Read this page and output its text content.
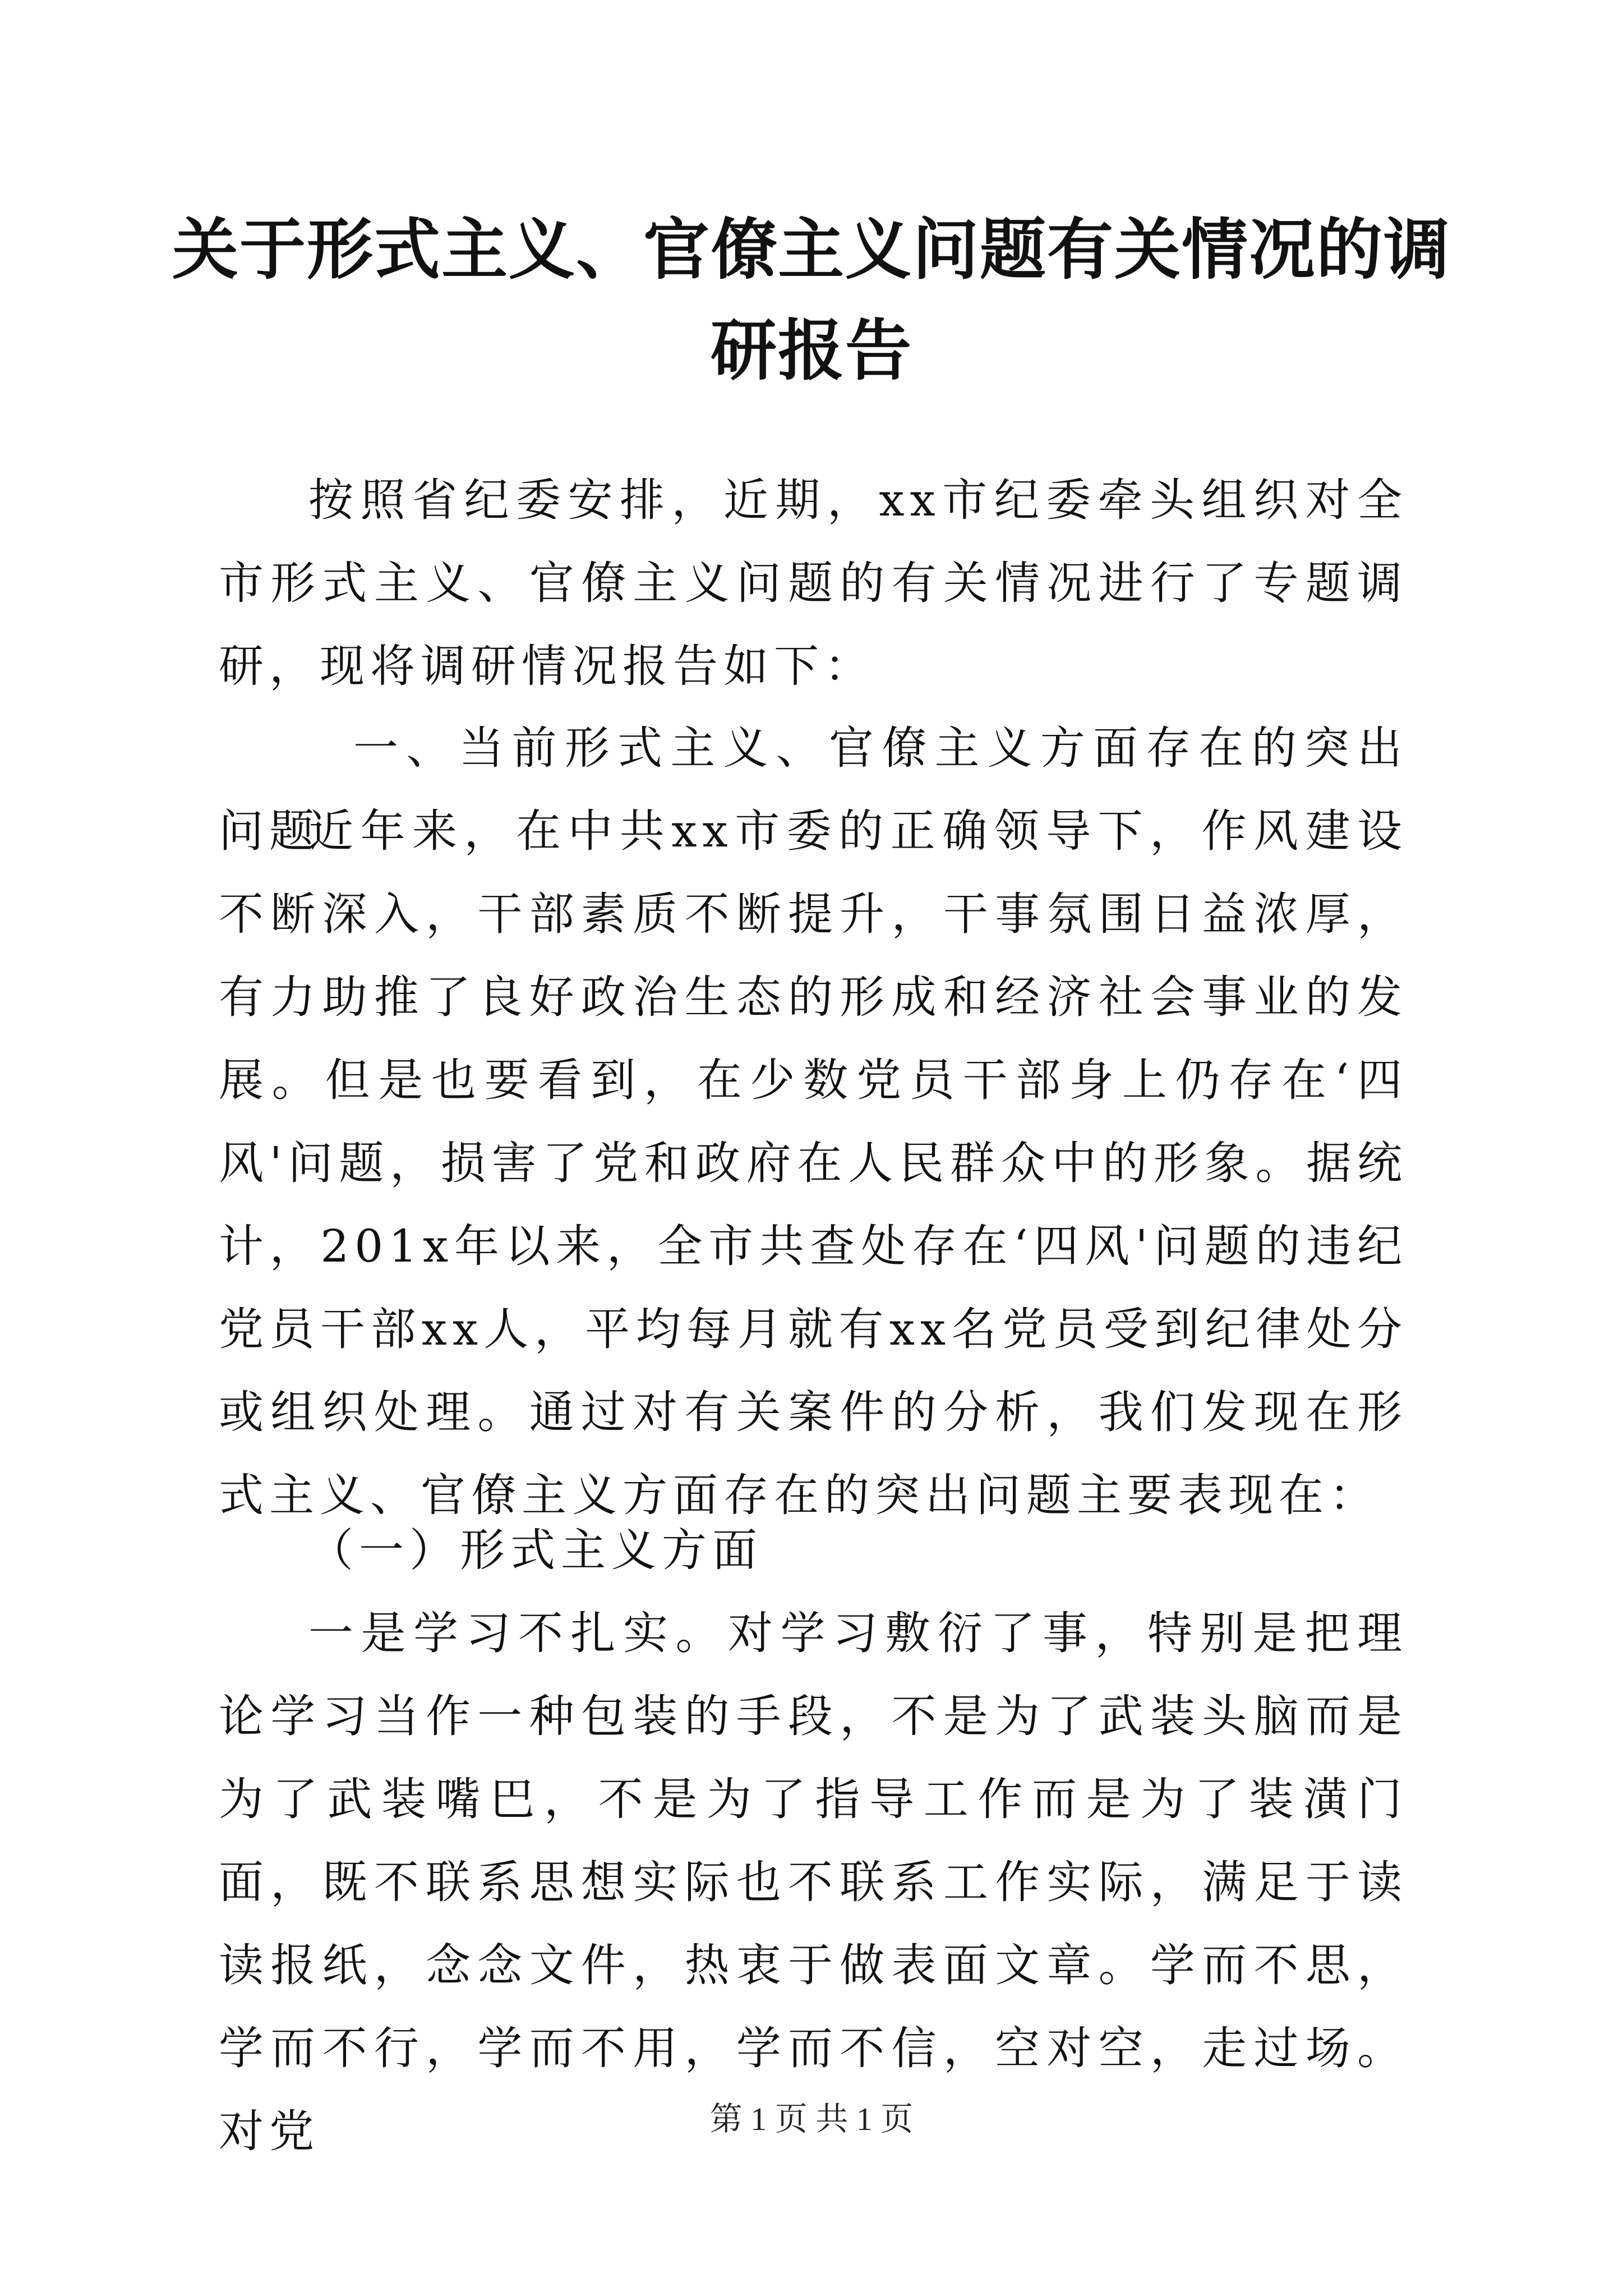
关于形式主义、官僚主义问题有关情况的调研报告

按照省纪委安排，近期，xx市纪委牵头组织对全市形式主义、官僚主义问题的有关情况进行了专题调研，现将调研情况报告如下：

一、当前形式主义、官僚主义方面存在的突出问题

近年来，在中共xx市委的正确领导下，作风建设不断深入，干部素质不断提升，干事氛围日益浓厚，有力助推了良好政治生态的形成和经济社会事业的发展。但是也要看到，在少数党员干部身上仍存在‘四风'问题，损害了党和政府在人民群众中的形象。据统计，201x年以来，全市共查处存在‘四风'问题的违纪党员干部xx人，平均每月就有xx名党员受到纪律处分或组织处理。通过对有关案件的分析，我们发现在形式主义、官僚主义方面存在的突出问题主要表现在：

（一）形式主义方面

一是学习不扎实。对学习敷衍了事，特别是把理论学习当作一种包装的手段，不是为了武装头脑而是为了武装嘴巴，不是为了指导工作而是为了装潢门面，既不联系思想实际也不联系工作实际，满足于读读报纸，念念文件，热衷于做表面文章。学而不思，学而不行，学而不用，学而不信，空对空，走过场。对党	第 1 页 共 1 页
